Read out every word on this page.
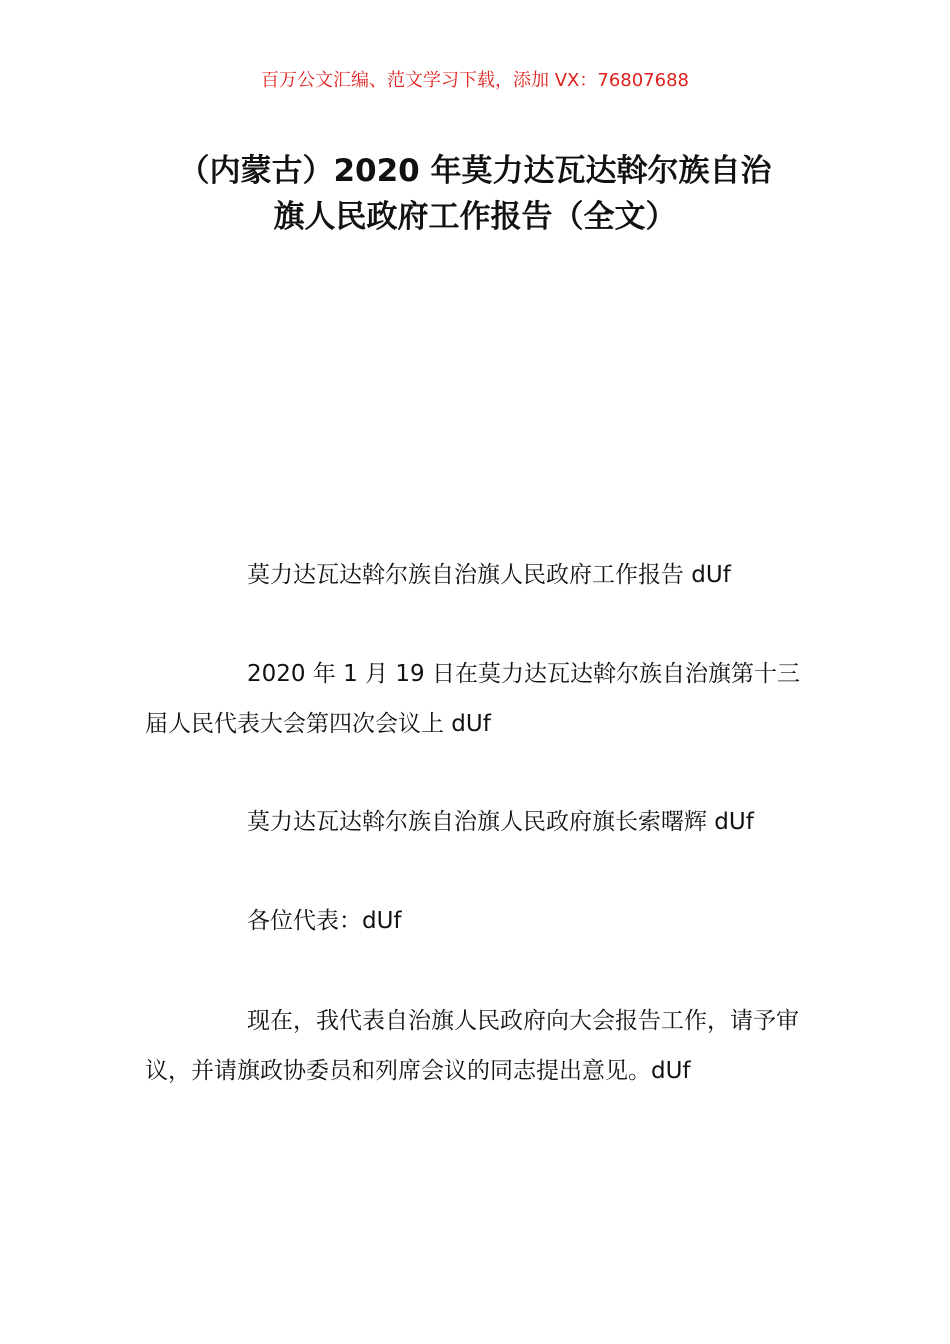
百万公文汇编、范文学习下载，添加 VX：76807688
（内蒙古）2020 年莫力达瓦达斡尔族自治
旗人民政府工作报告（全文）
莫力达瓦达斡尔族自治旗人民政府工作报告 dUf
2020 年 1 月 19 日在莫力达瓦达斡尔族自治旗第十三届人民代表大会第四次会议上 dUf
莫力达瓦达斡尔族自治旗人民政府旗长索曙辉 dUf
各位代表：dUf
现在，我代表自治旗人民政府向大会报告工作，请予审议，并请旗政协委员和列席会议的同志提出意见。dUf
